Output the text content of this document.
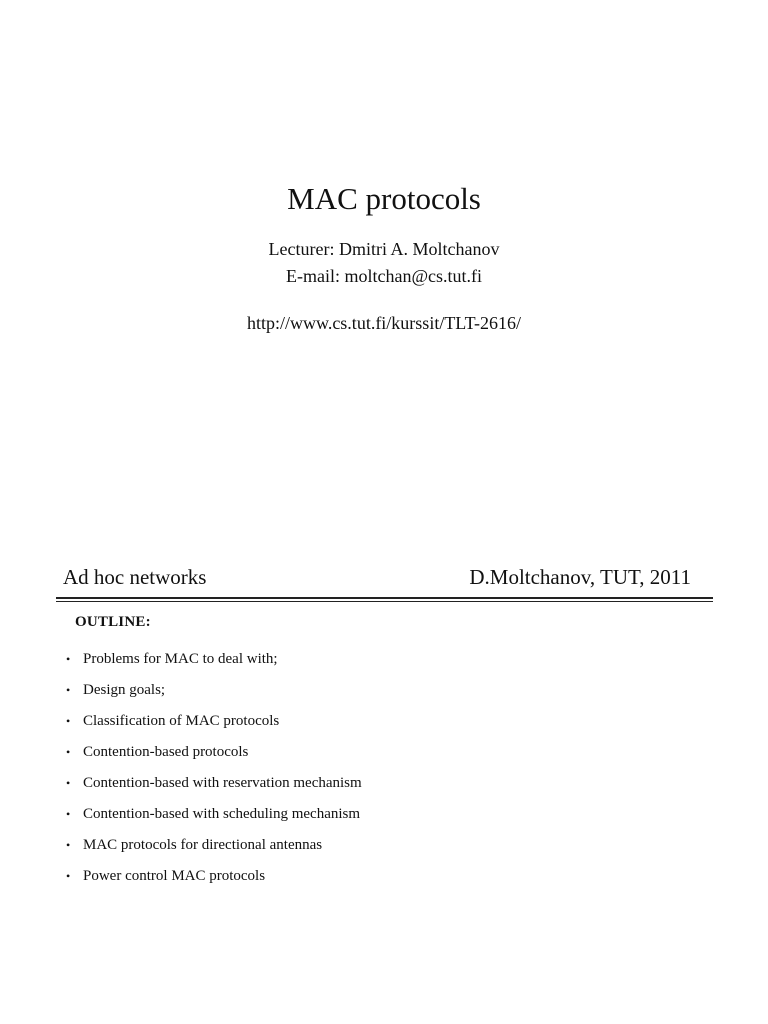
MAC protocols
Lecturer: Dmitri A. Moltchanov
E-mail: moltchan@cs.tut.fi
http://www.cs.tut.fi/kurssit/TLT-2616/
Ad hoc networks	D.Moltchanov, TUT, 2011
OUTLINE:
• Problems for MAC to deal with;
• Design goals;
• Classification of MAC protocols
• Contention-based protocols
• Contention-based with reservation mechanism
• Contention-based with scheduling mechanism
• MAC protocols for directional antennas
• Power control MAC protocols
